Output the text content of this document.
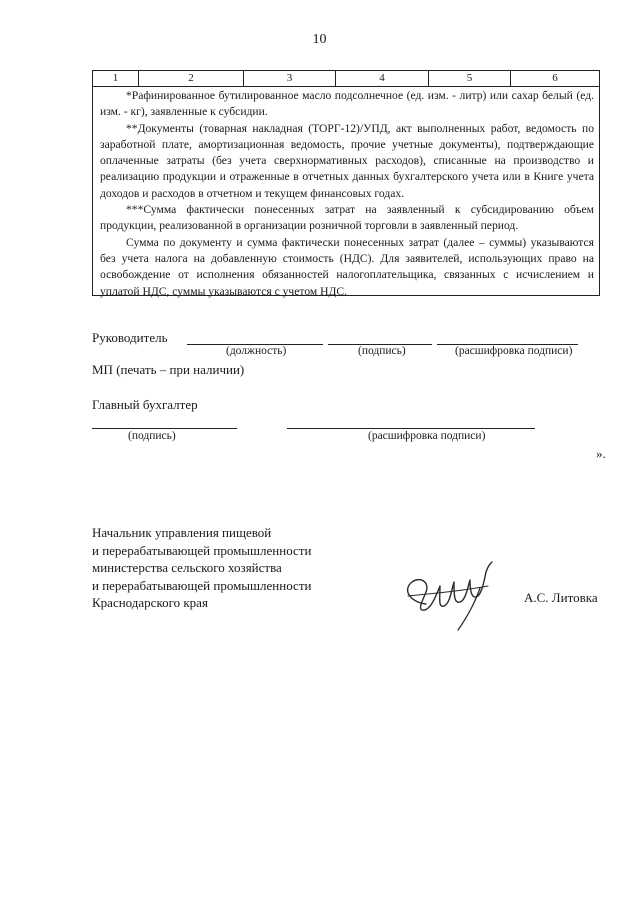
10
1	2	3	4	5	6

*Рафинированное бутилированное масло подсолнечное (ед. изм. - литр) или сахар белый (ед. изм. - кг), заявленные к субсидии.

**Документы (товарная накладная (ТОРГ-12)/УПД, акт выполненных работ, ведомость по заработной плате, амортизационная ведомость, прочие учетные документы), подтверждающие оплаченные затраты (без учета сверхнормативных расходов), списанные на производство и реализацию продукции и отраженные в отчетных данных бухгалтерского учета или в Книге учета доходов и расходов в отчетном и текущем финансовых годах.

***Сумма фактически понесенных затрат на заявленный к субсидированию объем продукции, реализованной в организации розничной торговли в заявленный период.

Сумма по документу и сумма фактически понесенных затрат (далее – суммы) указываются без учета налога на добавленную стоимость (НДС). Для заявителей, использующих право на освобождение от исполнения обязанностей налогоплательщика, связанных с исчислением и уплатой НДС, суммы указываются с учетом НДС.

Руководитель
(должность)	(подпись)	(расшифровка подписи)
МП (печать – при наличии)
Главный бухгалтер
(подпись)	(расшифровка подписи)
».
Начальник управления пищевой
и перерабатывающей промышленности
министерства сельского хозяйства
и перерабатывающей промышленности
Краснодарского края	А.С. Литовка
